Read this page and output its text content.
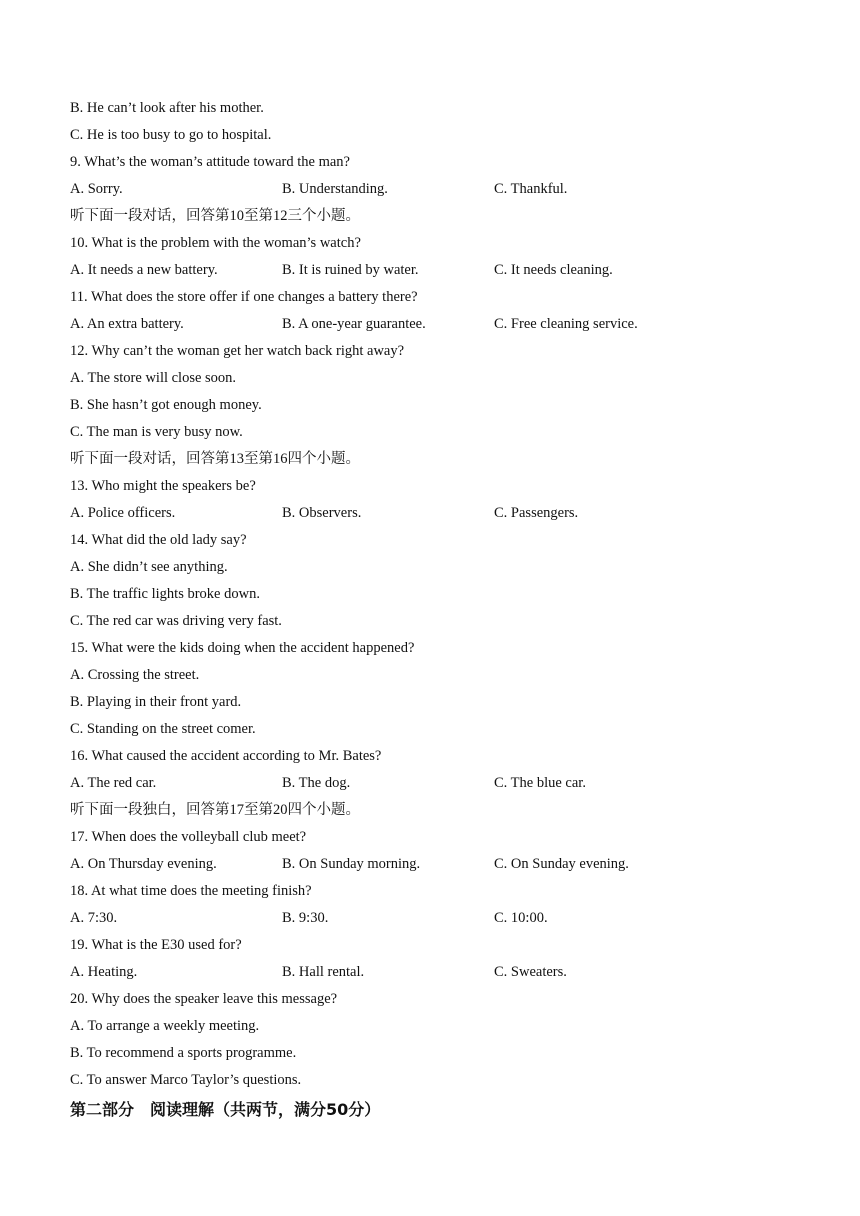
B. He can’t look after his mother.
C. He is too busy to go to hospital.
9. What’s the woman’s attitude toward the man?
A. Sorry.	B. Understanding.	C. Thankful.
听下面一段对话，回答第10至第12三个小题。
10. What is the problem with the woman’s watch?
A. It needs a new battery.	B. It is ruined by water.	C. It needs cleaning.
11. What does the store offer if one changes a battery there?
A. An extra battery.	B. A one-year guarantee.	C. Free cleaning service.
12. Why can’t the woman get her watch back right away?
A. The store will close soon.
B. She hasn’t got enough money.
C. The man is very busy now.
听下面一段对话，回答第13至第16四个小题。
13. Who might the speakers be?
A. Police officers.	B. Observers.	C. Passengers.
14. What did the old lady say?
A. She didn’t see anything.
B. The traffic lights broke down.
C. The red car was driving very fast.
15. What were the kids doing when the accident happened?
A. Crossing the street.
B. Playing in their front yard.
C. Standing on the street comer.
16. What caused the accident according to Mr. Bates?
A. The red car.	B. The dog.	C. The blue car.
听下面一段独白，回答第17至第20四个小题。
17. When does the volleyball club meet?
A. On Thursday evening.	B. On Sunday morning.	C. On Sunday evening.
18. At what time does the meeting finish?
A. 7:30.	B. 9:30.	C. 10:00.
19. What is the E30 used for?
A. Heating.	B. Hall rental.	C. Sweaters.
20. Why does the speaker leave this message?
A. To arrange a weekly meeting.
B. To recommend a sports programme.
C. To answer Marco Taylor’s questions.
第二部分　阅读理解（共两节，满分50分）
